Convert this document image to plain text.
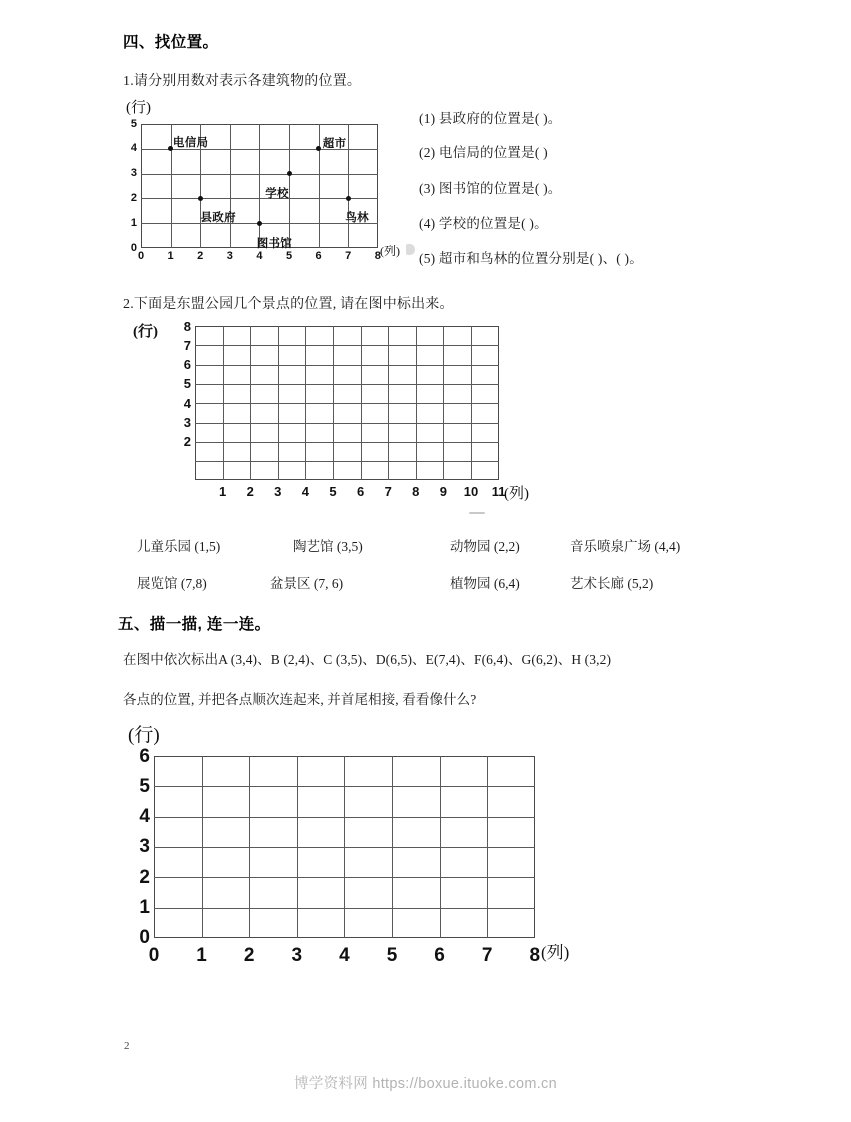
四、找位置。
1.请分别用数对表示各建筑物的位置。
(行)
0
1
2
3
4
5
0	1	2	3	4	5	6	7	8
电信局
县政府
图书馆
学校
超市
鸟林
(列)
(1) 县政府的位置是( )。
(2) 电信局的位置是( )
(3) 图书馆的位置是( )。
(4) 学校的位置是( )。
(5) 超市和鸟林的位置分别是( )、( )。
2.下面是东盟公园几个景点的位置, 请在图中标出来。
(行)
2
3
4
5
6
7
8
1	2	3	4	5	6	7	8	9	10	11
(列)
儿童乐园 (1,5)	陶艺馆 (3,5)	动物园 (2,2)	音乐喷泉广场 (4,4)
展览馆 (7,8)	盆景区 (7, 6)	植物园 (6,4)	艺术长廊 (5,2)
五、描一描, 连一连。
在图中依次标出A (3,4)、B (2,4)、C (3,5)、D(6,5)、E(7,4)、F(6,4)、G(6,2)、H (3,2)
各点的位置, 并把各点顺次连起来, 并首尾相接, 看看像什么?
(行)
0
1
2
3
4
5
6
0	1	2	3	4	5	6	7	8 (列)
2
博学资料网 https://boxue.ituoke.com.cn
